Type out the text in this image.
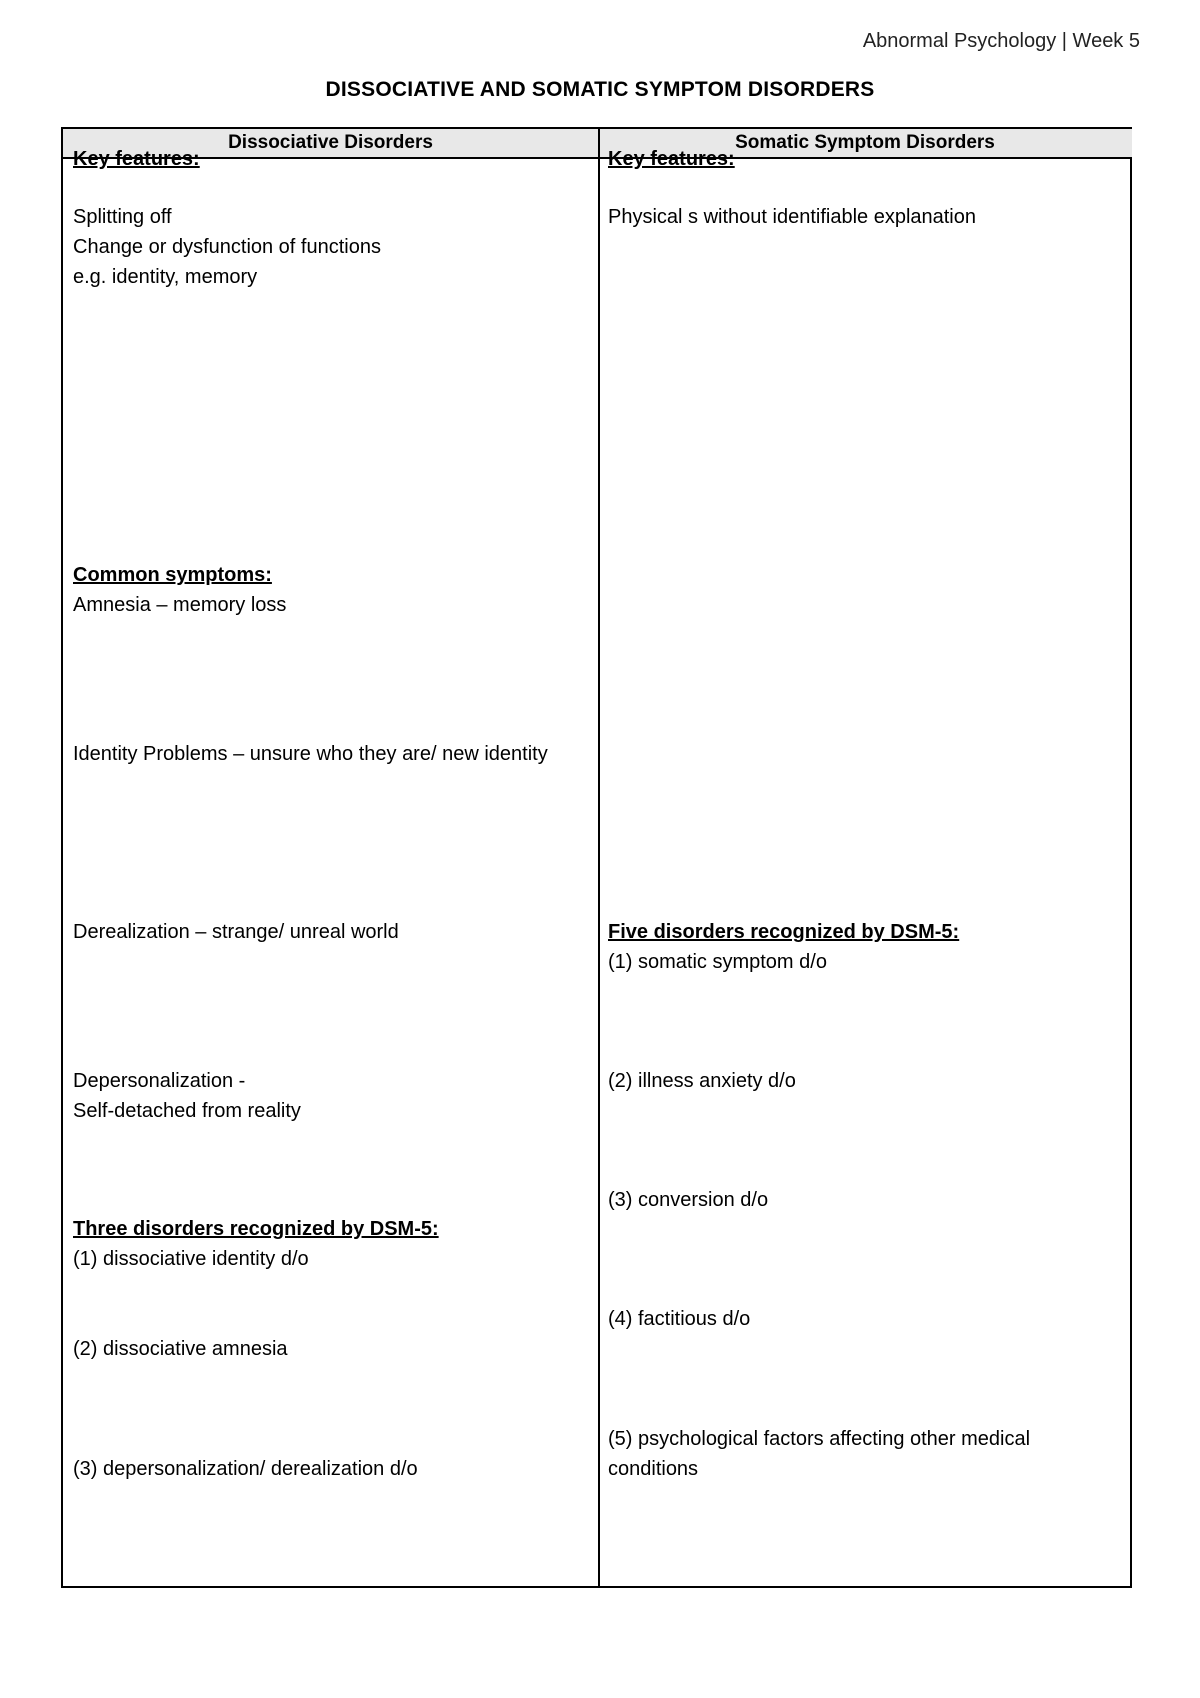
Abnormal Psychology | Week 5
DISSOCIATIVE AND SOMATIC SYMPTOM DISORDERS
Dissociative Disorders	Somatic Symptom Disorders
Key features:
Splitting off
Change or dysfunction of functions
e.g. identity, memory
Common symptoms:
Amnesia – memory loss
Identity Problems – unsure who they are/ new identity
Derealization – strange/ unreal world
Depersonalization -
Self-detached from reality
Three disorders recognized by DSM-5:
(1) dissociative identity d/o
(2) dissociative amnesia
(3) depersonalization/ derealization d/o
Key features:
Physical s without identifiable explanation
Five disorders recognized by DSM-5:
(1) somatic symptom d/o
(2) illness anxiety d/o
(3) conversion d/o
(4) factitious d/o
(5) psychological factors affecting other medical conditions
